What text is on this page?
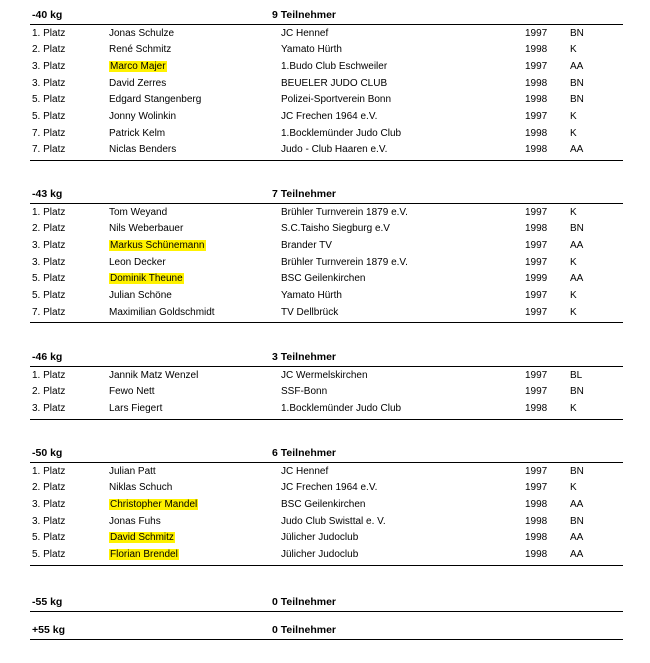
-40 kg	9 Teilnehmer
1. Platz	Jonas Schulze	JC Hennef	1997 BN
2. Platz	René Schmitz	Yamato Hürth	1998 K
3. Platz	Marco Majer	1.Budo Club Eschweiler	1997 AA
3. Platz	David Zerres	BEUELER JUDO CLUB	1998 BN
5. Platz	Edgard Stangenberg	Polizei-Sportverein Bonn	1998 BN
5. Platz	Jonny Wolinkin	JC Frechen 1964 e.V.	1997 K
7. Platz	Patrick Kelm	1.Bocklemünder Judo Club	1998 K
7. Platz	Niclas Benders	Judo - Club Haaren e.V.	1998 AA
-43 kg	7 Teilnehmer
1. Platz	Tom Weyand	Brühler Turnverein 1879 e.V.	1997 K
2. Platz	Nils Weberbauer	S.C.Taisho Siegburg e.V	1998 BN
3. Platz	Markus Schünemann	Brander TV	1997 AA
3. Platz	Leon Decker	Brühler Turnverein 1879 e.V.	1997 K
5. Platz	Dominik Theune	BSC Geilenkirchen	1999 AA
5. Platz	Julian Schöne	Yamato Hürth	1997 K
7. Platz	Maximilian Goldschmidt	TV Dellbrück	1997 K
-46 kg	3 Teilnehmer
1. Platz	Jannik Matz Wenzel	JC Wermelskirchen	1997 BL
2. Platz	Fewo Nett	SSF-Bonn	1997 BN
3. Platz	Lars Fiegert	1.Bocklemünder Judo Club	1998 K
-50 kg	6 Teilnehmer
1. Platz	Julian Patt	JC Hennef	1997 BN
2. Platz	Niklas Schuch	JC Frechen 1964 e.V.	1997 K
3. Platz	Christopher Mandel	BSC Geilenkirchen	1998 AA
3. Platz	Jonas Fuhs	Judo Club Swisttal e. V.	1998 BN
5. Platz	David Schmitz	Jülicher Judoclub	1998 AA
5. Platz	Florian Brendel	Jülicher Judoclub	1998 AA
-55 kg	0 Teilnehmer
+55 kg	0 Teilnehmer
